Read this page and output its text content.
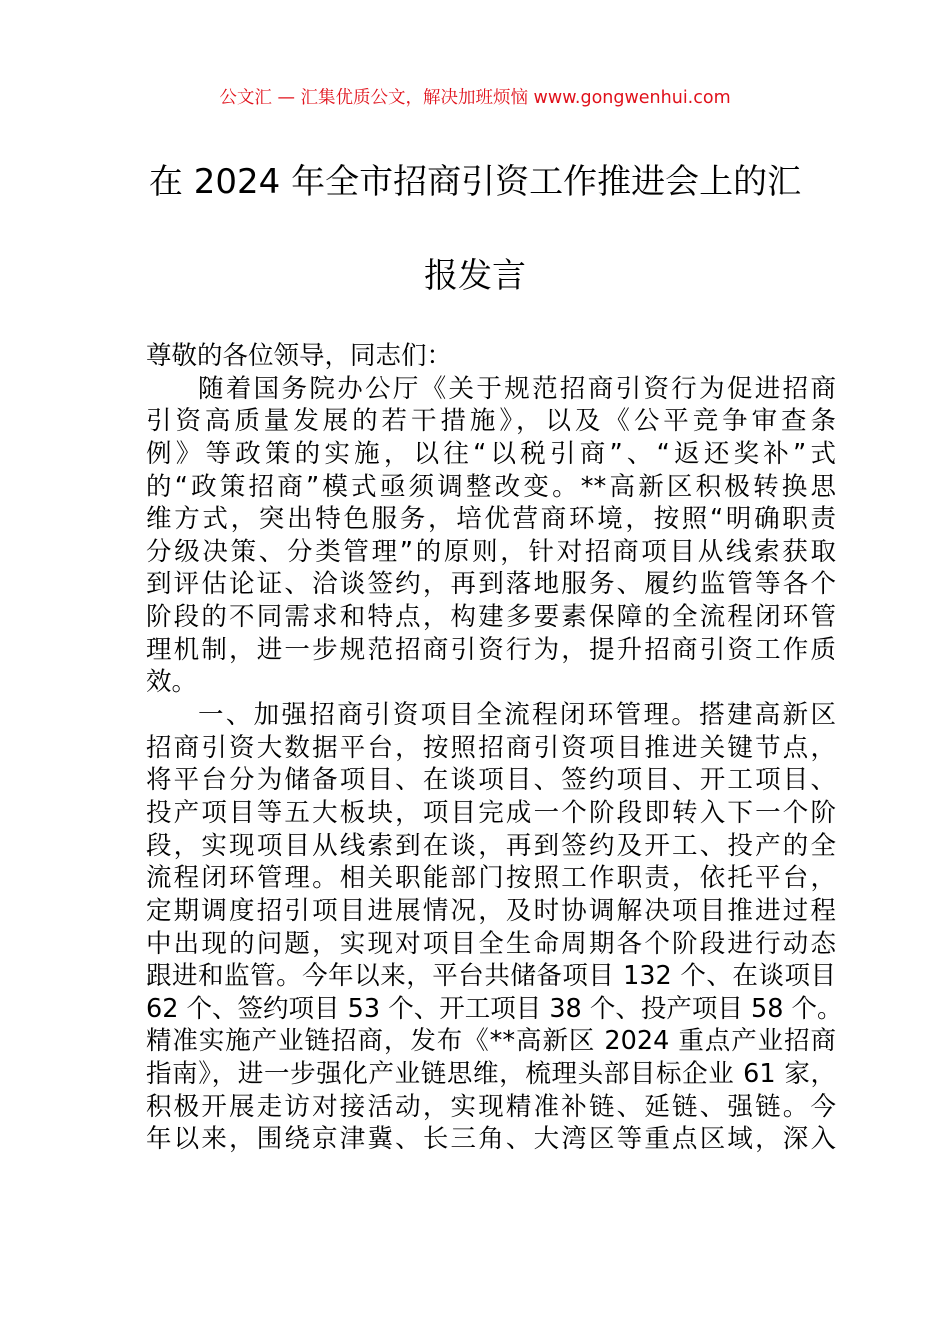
公文汇 — 汇集优质公文，解决加班烦恼 www.gongwenhui.com
在 2024 年全市招商引资工作推进会上的汇
报发言
尊敬的各位领导，同志们：
随着国务院办公厅《关于规范招商引资行为促进招商
引资高质量发展的若干措施》，以及《公平竞争审查条
例》等政策的实施，以往“以税引商”、“返还奖补”式
的“政策招商”模式亟须调整改变。**高新区积极转换思
维方式，突出特色服务，培优营商环境，按照“明确职责
分级决策、分类管理”的原则，针对招商项目从线索获取
到评估论证、洽谈签约，再到落地服务、履约监管等各个
阶段的不同需求和特点，构建多要素保障的全流程闭环管
理机制，进一步规范招商引资行为，提升招商引资工作质
效。
一、加强招商引资项目全流程闭环管理。搭建高新区
招商引资大数据平台，按照招商引资项目推进关键节点，
将平台分为储备项目、在谈项目、签约项目、开工项目、
投产项目等五大板块，项目完成一个阶段即转入下一个阶
段，实现项目从线索到在谈，再到签约及开工、投产的全
流程闭环管理。相关职能部门按照工作职责，依托平台，
定期调度招引项目进展情况，及时协调解决项目推进过程
中出现的问题，实现对项目全生命周期各个阶段进行动态
跟进和监管。今年以来，平台共储备项目 132 个、在谈项目
62 个、签约项目 53 个、开工项目 38 个、投产项目 58 个。
精准实施产业链招商，发布《**高新区 2024 重点产业招商
指南》，进一步强化产业链思维，梳理头部目标企业 61 家，
积极开展走访对接活动，实现精准补链、延链、强链。今
年以来，围绕京津冀、长三角、大湾区等重点区域，深入
